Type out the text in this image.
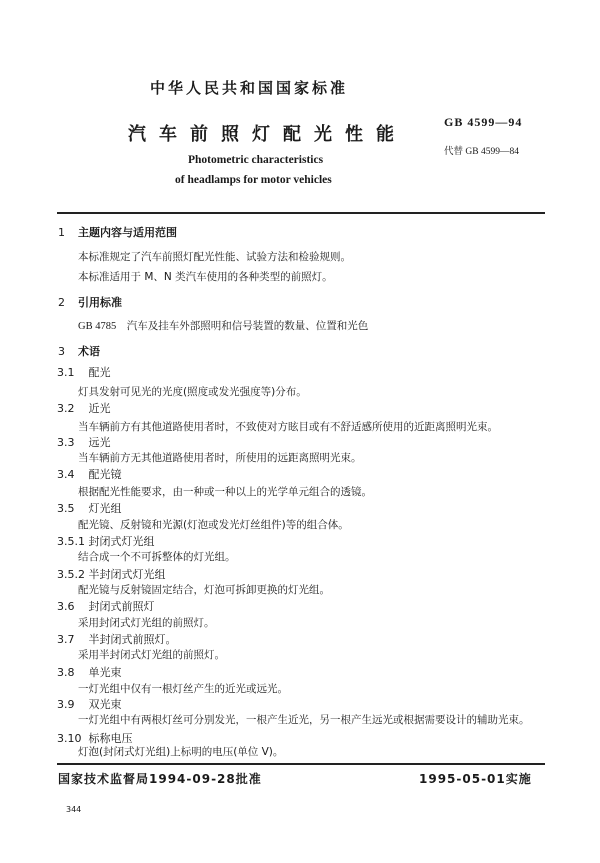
中华人民共和国国家标准
汽车前照灯配光性能
GB 4599—94
代替 GB 4599—84
Photometric characteristics
of headlamps for motor vehicles
1 主题内容与适用范围
本标准规定了汽车前照灯配光性能、试验方法和检验规则。
本标准适用于 M、N 类汽车使用的各种类型的前照灯。
2 引用标准
GB 4785　汽车及挂车外部照明和信号装置的数量、位置和光色
3 术语
3.1 配光
灯具发射可见光的光度(照度或发光强度等)分布。
3.2 近光
当车辆前方有其他道路使用者时，不致使对方眩目或有不舒适感所使用的近距离照明光束。
3.3 远光
当车辆前方无其他道路使用者时，所使用的远距离照明光束。
3.4 配光镜
根据配光性能要求，由一种或一种以上的光学单元组合的透镜。
3.5 灯光组
配光镜、反射镜和光源(灯泡或发光灯丝组件)等的组合体。
3.5.1 封闭式灯光组
结合成一个不可拆整体的灯光组。
3.5.2 半封闭式灯光组
配光镜与反射镜固定结合，灯泡可拆卸更换的灯光组。
3.6 封闭式前照灯
采用封闭式灯光组的前照灯。
3.7 半封闭式前照灯。
采用半封闭式灯光组的前照灯。
3.8 单光束
一灯光组中仅有一根灯丝产生的近光或远光。
3.9 双光束
一灯光组中有两根灯丝可分别发光，一根产生近光，另一根产生远光或根据需要设计的辅助光束。
3.10 标称电压
灯泡(封闭式灯光组)上标明的电压(单位 V)。
国家技术监督局1994-09-28批准	1995-05-01实施
344
